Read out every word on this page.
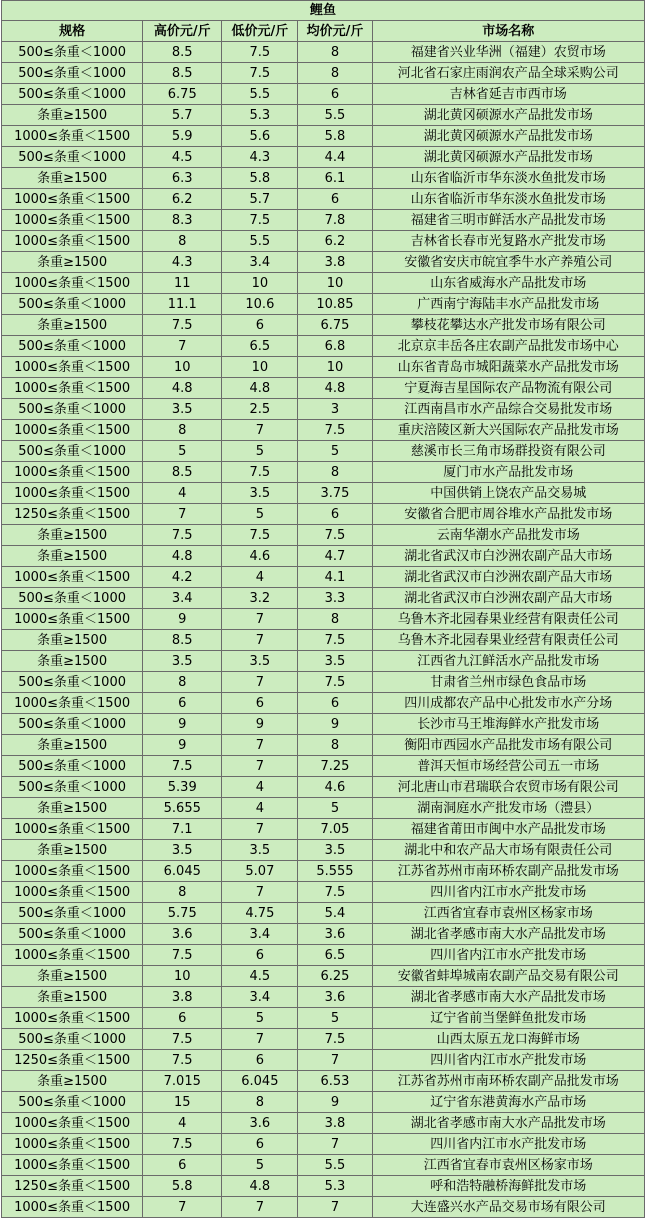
鲤鱼				
规格	高价元/斤	低价元/斤	均价元/斤	市场名称
500≤条重＜1000	8.5	7.5	8	福建省兴业华洲（福建）农贸市场
500≤条重＜1000	8.5	7.5	8	河北省石家庄雨润农产品全球采购公司
500≤条重＜1000	6.75	5.5	6	吉林省延吉市西市场
条重≥1500	5.7	5.3	5.5	湖北黄冈硕源水产品批发市场
1000≤条重＜1500	5.9	5.6	5.8	湖北黄冈硕源水产品批发市场
500≤条重＜1000	4.5	4.3	4.4	湖北黄冈硕源水产品批发市场
条重≥1500	6.3	5.8	6.1	山东省临沂市华东淡水鱼批发市场
1000≤条重＜1500	6.2	5.7	6	山东省临沂市华东淡水鱼批发市场
1000≤条重＜1500	8.3	7.5	7.8	福建省三明市鲜活水产品批发市场
1000≤条重＜1500	8	5.5	6.2	吉林省长春市光复路水产批发市场
条重≥1500	4.3	3.4	3.8	安徽省安庆市皖宜季牛水产养殖公司
1000≤条重＜1500	11	10	10	山东省威海水产品批发市场
500≤条重＜1000	11.1	10.6	10.85	广西南宁海陆丰水产品批发市场
条重≥1500	7.5	6	6.75	攀枝花攀达水产批发市场有限公司
500≤条重＜1000	7	6.5	6.8	北京京丰岳各庄农副产品批发市场中心
1000≤条重＜1500	10	10	10	山东省青岛市城阳蔬菜水产品批发市场
1000≤条重＜1500	4.8	4.8	4.8	宁夏海吉星国际农产品物流有限公司
500≤条重＜1000	3.5	2.5	3	江西南昌市水产品综合交易批发市场
1000≤条重＜1500	8	7	7.5	重庆涪陵区新大兴国际农产品批发市场
500≤条重＜1000	5	5	5	慈溪市长三角市场群投资有限公司
1000≤条重＜1500	8.5	7.5	8	厦门市水产品批发市场
1000≤条重＜1500	4	3.5	3.75	中国供销上饶农产品交易城
1250≤条重＜1500	7	5	6	安徽省合肥市周谷堆水产品批发市场
条重≥1500	7.5	7.5	7.5	云南华潮水产品批发市场
条重≥1500	4.8	4.6	4.7	湖北省武汉市白沙洲农副产品大市场
1000≤条重＜1500	4.2	4	4.1	湖北省武汉市白沙洲农副产品大市场
500≤条重＜1000	3.4	3.2	3.3	湖北省武汉市白沙洲农副产品大市场
1000≤条重＜1500	9	7	8	乌鲁木齐北园春果业经营有限责任公司
条重≥1500	8.5	7	7.5	乌鲁木齐北园春果业经营有限责任公司
条重≥1500	3.5	3.5	3.5	江西省九江鲜活水产品批发市场
500≤条重＜1000	8	7	7.5	甘肃省兰州市绿色食品市场
1000≤条重＜1500	6	6	6	四川成都农产品中心批发市水产分场
500≤条重＜1000	9	9	9	长沙市马王堆海鲜水产批发市场
条重≥1500	9	7	8	衡阳市西园水产品批发市场有限公司
500≤条重＜1000	7.5	7	7.25	普洱天恒市场经营公司五一市场
500≤条重＜1000	5.39	4	4.6	河北唐山市君瑞联合农贸市场有限公司
条重≥1500	5.655	4	5	湖南洞庭水产批发市场（澧县）
1000≤条重＜1500	7.1	7	7.05	福建省莆田市闽中水产品批发市场
条重≥1500	3.5	3.5	3.5	湖北中和农产品大市场有限责任公司
1000≤条重＜1500	6.045	5.07	5.555	江苏省苏州市南环桥农副产品批发市场
1000≤条重＜1500	8	7	7.5	四川省内江市水产批发市场
500≤条重＜1000	5.75	4.75	5.4	江西省宜春市袁州区杨家市场
500≤条重＜1000	3.6	3.4	3.6	湖北省孝感市南大水产品批发市场
1000≤条重＜1500	7.5	6	6.5	四川省内江市水产批发市场
条重≥1500	10	4.5	6.25	安徽省蚌埠城南农副产品交易有限公司
条重≥1500	3.8	3.4	3.6	湖北省孝感市南大水产品批发市场
1000≤条重＜1500	6	5	5	辽宁省前当堡鲜鱼批发市场
500≤条重＜1000	7.5	7	7.5	山西太原五龙口海鲜市场
1250≤条重＜1500	7.5	6	7	四川省内江市水产批发市场
条重≥1500	7.015	6.045	6.53	江苏省苏州市南环桥农副产品批发市场
500≤条重＜1000	15	8	9	辽宁省东港黄海水产品市场
1000≤条重＜1500	4	3.6	3.8	湖北省孝感市南大水产品批发市场
1000≤条重＜1500	7.5	6	7	四川省内江市水产批发市场
1000≤条重＜1500	6	5	5.5	江西省宜春市袁州区杨家市场
1250≤条重＜1500	5.8	4.8	5.3	呼和浩特融桥海鲜批发市场
1000≤条重＜1500	7	7	7	大连盛兴水产品交易市场有限公司
